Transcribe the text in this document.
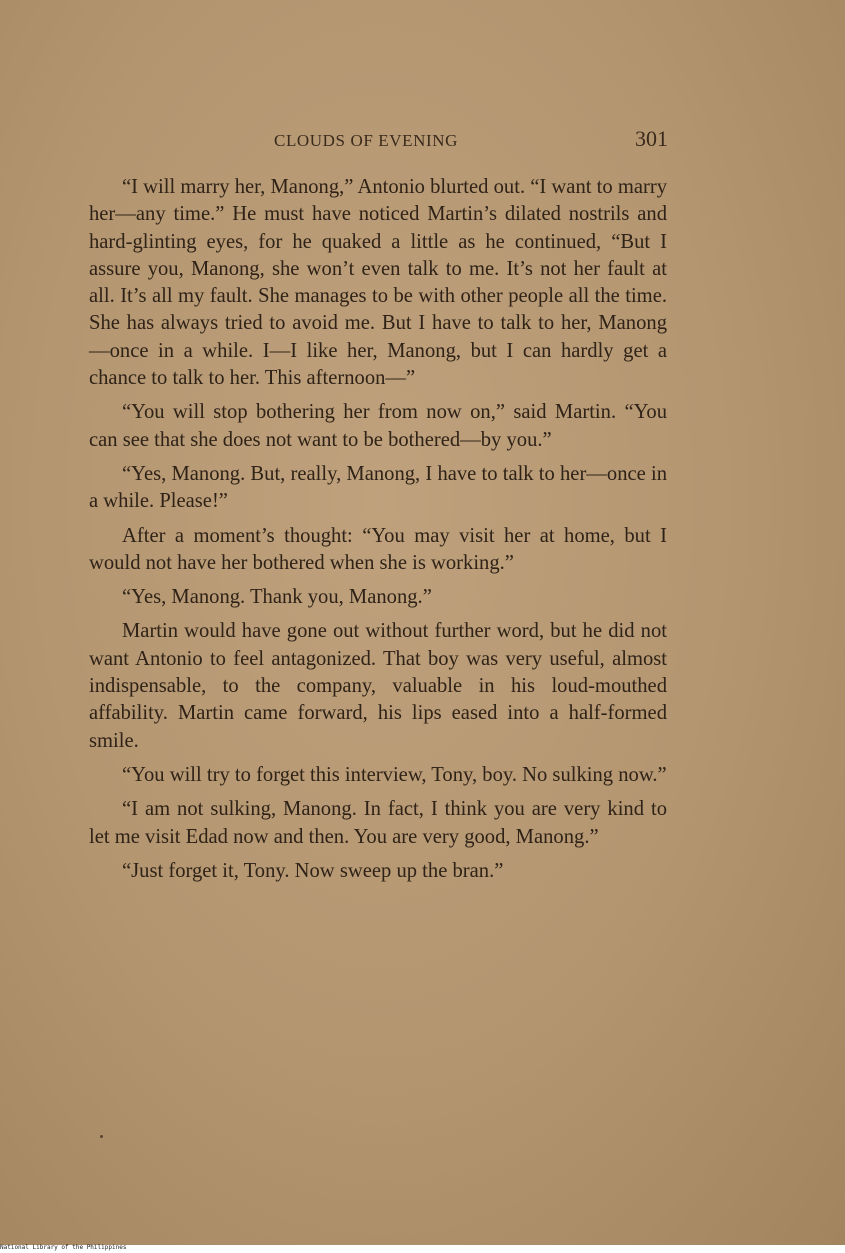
CLOUDS OF EVENING	301

“I will marry her, Manong,” Antonio blurted out. “I want to marry her—any time.” He must have noticed Martin’s dilated nostrils and hard-glinting eyes, for he quaked a little as he continued, “But I assure you, Manong, she won’t even talk to me. It’s not her fault at all. It’s all my fault. She manages to be with other people all the time. She has always tried to avoid me. But I have to talk to her, Manong —once in a while. I—I like her, Manong, but I can hardly get a chance to talk to her. This afternoon—”

“You will stop bothering her from now on,” said Martin. “You can see that she does not want to be bothered—by you.”

“Yes, Manong. But, really, Manong, I have to talk to her—once in a while. Please!”

After a moment’s thought: “You may visit her at home, but I would not have her bothered when she is working.”

“Yes, Manong. Thank you, Manong.”

Martin would have gone out without further word, but he did not want Antonio to feel antagonized. That boy was very useful, almost indispensable, to the company, valuable in his loud-mouthed affability. Martin came forward, his lips eased into a half-formed smile.

“You will try to forget this interview, Tony, boy. No sulking now.”

“I am not sulking, Manong. In fact, I think you are very kind to let me visit Edad now and then. You are very good, Manong.”

“Just forget it, Tony. Now sweep up the bran.”

National Library of the Philippines
